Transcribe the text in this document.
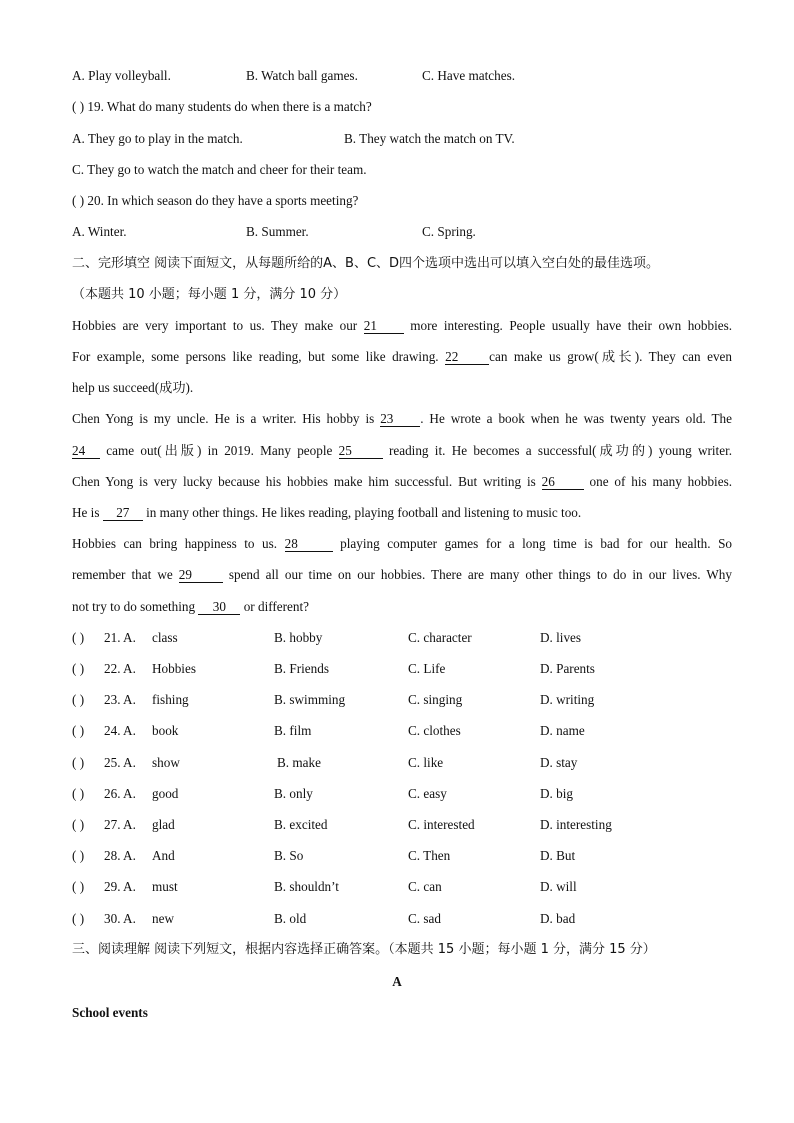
A. Play volleyball.	B. Watch ball games.	C. Have matches.
( ) 19. What do many students do when there is a match?
A. They go to play in the match.	B. They watch the match on TV.
C. They go to watch the match and cheer for their team.
( ) 20. In which season do they have a sports meeting?
A. Winter.	B. Summer.	C. Spring.
二、完形填空 阅读下面短文，从每题所给的A、B、C、D四个选项中选出可以填入空白处的最佳选项。
（本题共 10 小题；每小题 1 分，满分 10 分）
Hobbies are very important to us. They make our 21	more interesting. People usually have their own hobbies.
For example, some persons like reading, but some like drawing. 22 can make us grow(成长). They can even
help us succeed(成功).
Chen Yong is my uncle. He is a writer. His hobby is 23 . He wrote a book when he was twenty years old. The
24 came out(出版) in 2019. Many people 25	reading it. He becomes a successful(成功的) young writer.
Chen Yong is very lucky because his hobbies make him successful. But writing is 26	one of his many hobbies.
He is 27 in many other things. He likes reading, playing football and listening to music too.
Hobbies can bring happiness to us. 28	playing computer games for a long time is bad for our health. So
remember that we 29	spend all our time on our hobbies. There are many other things to do in our lives. Why
not try to do something 30 or different?
( ) 21. A. class	B. hobby	C. character	D. lives
( ) 22. A. Hobbies	B. Friends	C. Life	D. Parents
( ) 23. A. fishing	B. swimming	C. singing	D. writing
( ) 24. A. book	B. film	C. clothes	D. name
( ) 25. A. show	B. make	C. like	D. stay
( ) 26. A. good	B. only	C. easy	D. big
( ) 27. A. glad	B. excited	C. interested	D. interesting
( ) 28. A. And	B. So	C. Then	D. But
( ) 29. A. must	B. shouldn’t	C. can	D. will
( ) 30. A. new	B. old	C. sad	D. bad
三、阅读理解 阅读下列短文，根据内容选择正确答案。（本题共 15 小题；每小题 1 分，满分 15 分）
A
School events
